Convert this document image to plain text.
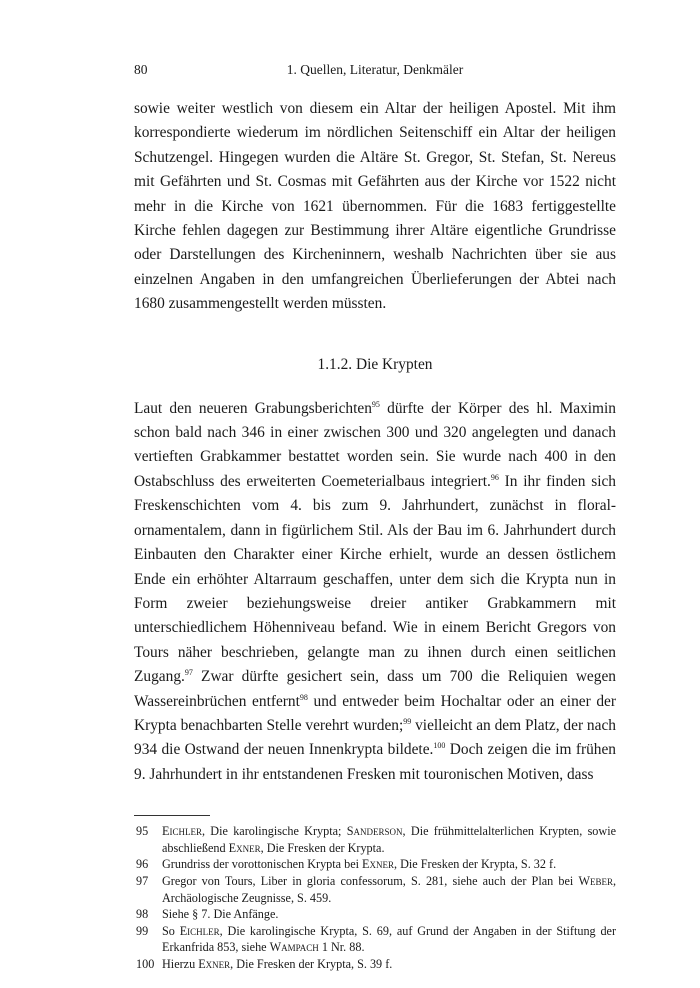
80	1. Quellen, Literatur, Denkmäler

sowie weiter westlich von diesem ein Altar der heiligen Apostel. Mit ihm korrespondierte wiederum im nördlichen Seitenschiff ein Altar der heiligen Schutzengel. Hingegen wurden die Altäre St. Gregor, St. Stefan, St. Nereus mit Gefährten und St. Cosmas mit Gefährten aus der Kirche vor 1522 nicht mehr in die Kirche von 1621 übernommen. Für die 1683 fertiggestellte Kirche fehlen dagegen zur Bestimmung ihrer Altäre eigentliche Grundrisse oder Darstellungen des Kircheninnern, weshalb Nachrichten über sie aus einzelnen Angaben in den umfangreichen Überlieferungen der Abtei nach 1680 zusammengestellt werden müssten.

1.1.2. Die Krypten

Laut den neueren Grabungsberichten$^{95}$ dürfte der Körper des hl. Maximin schon bald nach 346 in einer zwischen 300 und 320 angelegten und danach vertieften Grabkammer bestattet worden sein. Sie wurde nach 400 in den Ostabschluss des erweiterten Coemeterialbaus integriert.$^{96}$ In ihr finden sich Freskenschichten vom 4. bis zum 9. Jahrhundert, zunächst in floral-ornamentalem, dann in figürlichem Stil. Als der Bau im 6. Jahrhundert durch Einbauten den Charakter einer Kirche erhielt, wurde an dessen östlichem Ende ein erhöhter Altarraum geschaffen, unter dem sich die Krypta nun in Form zweier beziehungsweise dreier antiker Grabkammern mit unterschiedlichem Höhenniveau befand. Wie in einem Bericht Gregors von Tours näher beschrieben, gelangte man zu ihnen durch einen seitlichen Zugang.$^{97}$ Zwar dürfte gesichert sein, dass um 700 die Reliquien wegen Wassereinbrüchen entfernt$^{98}$ und entweder beim Hochaltar oder an einer der Krypta benachbarten Stelle verehrt wurden;$^{99}$ vielleicht an dem Platz, der nach 934 die Ostwand der neuen Innenkrypta bildete.$^{100}$ Doch zeigen die im frühen 9. Jahrhundert in ihr entstandenen Fresken mit touronischen Motiven, dass

95	Eichler, Die karolingische Krypta; Sanderson, Die frühmittelalterlichen Krypten, sowie abschließend Exner, Die Fresken der Krypta.
96	Grundriss der vorottonischen Krypta bei Exner, Die Fresken der Krypta, S. 32 f.
97	Gregor von Tours, Liber in gloria confessorum, S. 281, siehe auch der Plan bei Weber, Archäologische Zeugnisse, S. 459.
98	Siehe § 7. Die Anfänge.
99	So Eichler, Die karolingische Krypta, S. 69, auf Grund der Angaben in der Stiftung der Erkanfrida 853, siehe Wampach 1 Nr. 88.
100 Hierzu Exner, Die Fresken der Krypta, S. 39 f.
